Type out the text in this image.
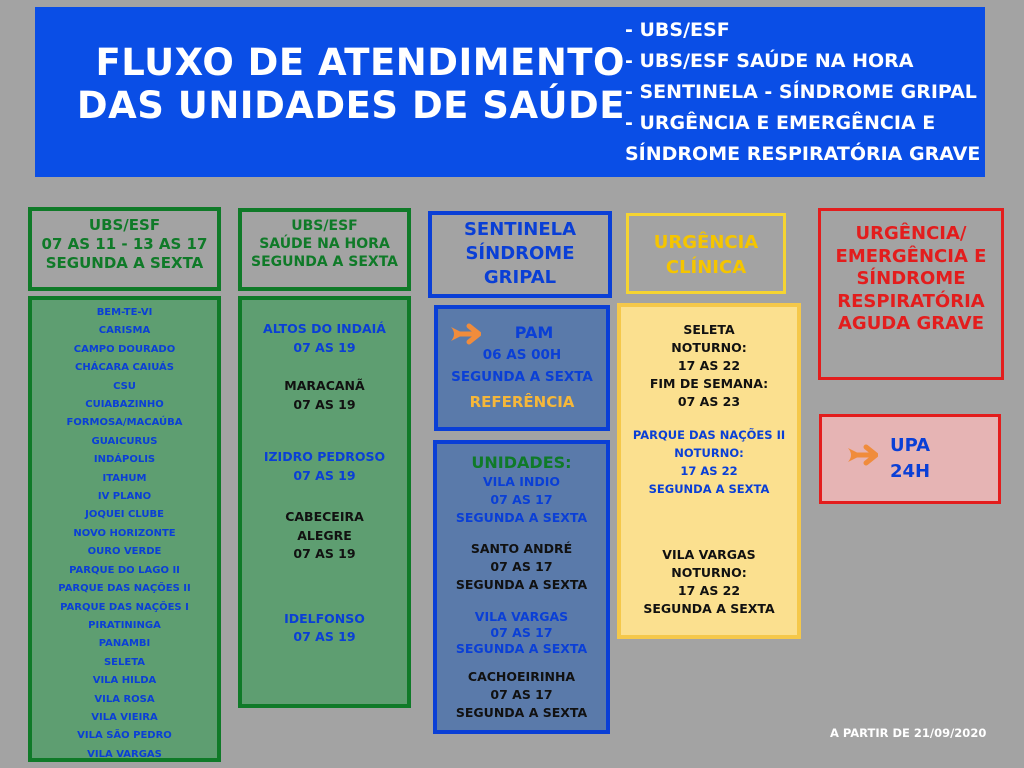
FLUXO DE ATENDIMENTO
DAS UNIDADES DE SAÚDE
- UBS/ESF
- UBS/ESF SAÚDE NA HORA
- SENTINELA - SÍNDROME GRIPAL
- URGÊNCIA E EMERGÊNCIA E
SÍNDROME RESPIRATÓRIA GRAVE
UBS/ESF
07 AS 11 - 13 AS 17
SEGUNDA A SEXTA
BEM-TE-VI
CARISMA
CAMPO DOURADO
CHÁCARA CAIUÁS
CSU
CUIABAZINHO
FORMOSA/MACAÚBA
GUAICURUS
INDÁPOLIS
ITAHUM
IV PLANO
JOQUEI CLUBE
NOVO HORIZONTE
OURO VERDE
PARQUE DO LAGO II
PARQUE DAS NAÇÕES II
PARQUE DAS NAÇÕES I
PIRATININGA
PANAMBI
SELETA
VILA HILDA
VILA ROSA
VILA VIEIRA
VILA SÃO PEDRO
VILA VARGAS
UBS/ESF
SAÚDE NA HORA
SEGUNDA A SEXTA
ALTOS DO INDAIÁ
07 AS 19
MARACANÃ
07 AS 19
IZIDRO PEDROSO
07 AS 19
CABECEIRA
ALEGRE
07 AS 19
IDELFONSO
07 AS 19
SENTINELA
SÍNDROME
GRIPAL
PAM
06 AS 00H
SEGUNDA A SEXTA
REFERÊNCIA
UNIDADES:
VILA INDIO
07 AS 17
SEGUNDA A SEXTA
SANTO ANDRÉ
07 AS 17
SEGUNDA A SEXTA
VILA VARGAS
07 AS 17
SEGUNDA A SEXTA
CACHOEIRINHA
07 AS 17
SEGUNDA A SEXTA
URGÊNCIA
CLÍNICA
SELETA
NOTURNO:
17 AS 22
FIM DE SEMANA:
07 AS 23
PARQUE DAS NAÇÕES II
NOTURNO:
17 AS 22
SEGUNDA A SEXTA
VILA VARGAS
NOTURNO:
17 AS 22
SEGUNDA A SEXTA
URGÊNCIA/
EMERGÊNCIA E
SÍNDROME
RESPIRATÓRIA
AGUDA GRAVE
UPA
24H
A PARTIR DE 21/09/2020
